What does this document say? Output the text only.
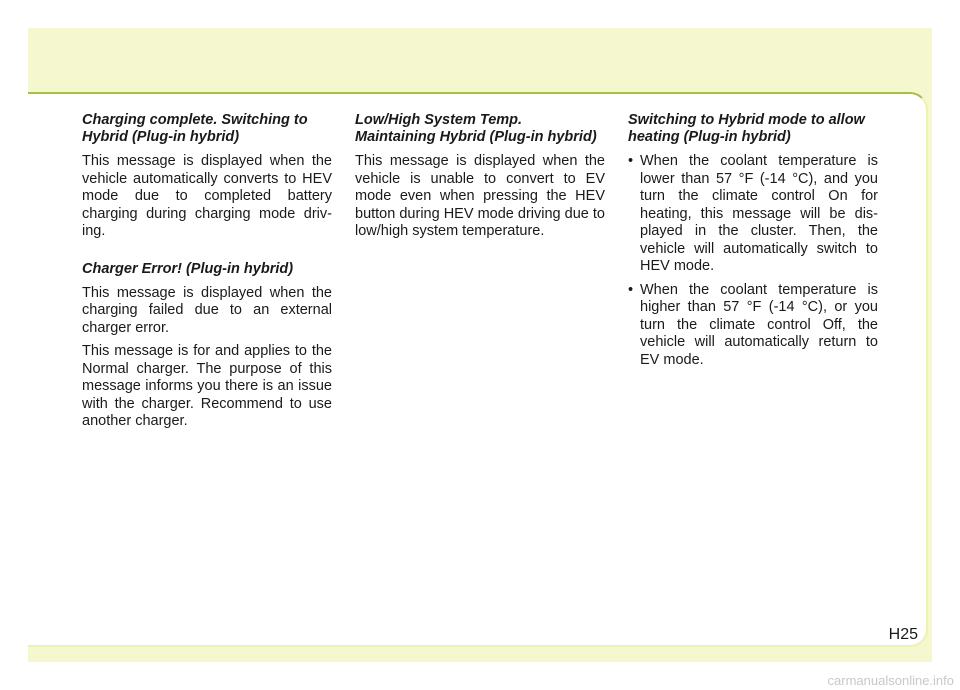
Charging complete. Switching to Hybrid (Plug-in hybrid)

This message is displayed when the vehicle automatically converts to HEV mode due to completed battery charging during charging mode driv- ing.

Charger Error! (Plug-in hybrid)

This message is displayed when the charging failed due to an external charger error.

This message is for and applies to the Normal charger. The purpose of this message informs you there is an issue with the charger. Recommend to use another charger.

Low/High System Temp. Maintaining Hybrid (Plug-in hybrid)

This message is displayed when the vehicle is unable to convert to EV mode even when pressing the HEV button during HEV mode driving due to low/high system temperature.

Switching to Hybrid mode to allow heating (Plug-in hybrid)

• When the coolant temperature is lower than 57 °F (-14 °C), and you turn the climate control On for heating, this message will be dis- played in the cluster. Then, the vehicle will automatically switch to HEV mode.
• When the coolant temperature is higher than 57 °F (-14 °C), or you turn the climate control Off, the vehicle will automatically return to EV mode.
H25
carmanualsonline.info
